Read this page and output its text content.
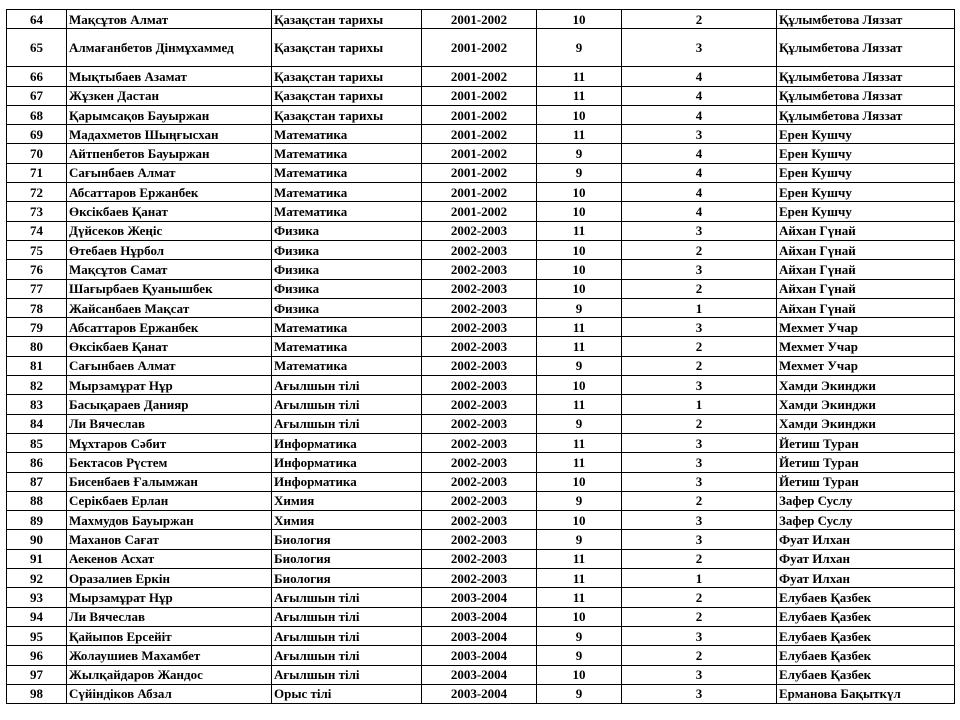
64	Мақсұтов Алмат	Қазақстан тарихы	2001-2002	10	2	Құлымбетова Ляззат
65	Алмағанбетов Дінмұхаммед	Қазақстан тарихы	2001-2002	9	3	Құлымбетова Ляззат
66	Мықтыбаев Азамат	Қазақстан тарихы	2001-2002	11	4	Құлымбетова Ляззат
67	Жұзкен Дастан	Қазақстан тарихы	2001-2002	11	4	Құлымбетова Ляззат
68	Қарымсақов Бауыржан	Қазақстан тарихы	2001-2002	10	4	Құлымбетова Ляззат
69	Мадахметов Шыңғысхан	Математика	2001-2002	11	3	Ерен Кушчу
70	Айтпенбетов Бауыржан	Математика	2001-2002	9	4	Ерен Кушчу
71	Сағынбаев Алмат	Математика	2001-2002	9	4	Ерен Кушчу
72	Абсаттаров Ержанбек	Математика	2001-2002	10	4	Ерен Кушчу
73	Өксікбаев Қанат	Математика	2001-2002	10	4	Ерен Кушчу
74	Дүйсеков Жеңіс	Физика	2002-2003	11	3	Айхан Гүнай
75	Өтебаев Нұрбол	Физика	2002-2003	10	2	Айхан Гүнай
76	Мақсұтов Самат	Физика	2002-2003	10	3	Айхан Гүнай
77	Шағырбаев Қуанышбек	Физика	2002-2003	10	2	Айхан Гүнай
78	Жайсанбаев Мақсат	Физика	2002-2003	9	1	Айхан Гүнай
79	Абсаттаров Ержанбек	Математика	2002-2003	11	3	Мехмет Учар
80	Өксікбаев Қанат	Математика	2002-2003	11	2	Мехмет Учар
81	Сағынбаев Алмат	Математика	2002-2003	9	2	Мехмет Учар
82	Мырзамұрат Нұр	Ағылшын тілі	2002-2003	10	3	Хамди Экинджи
83	Басықараев Данияр	Ағылшын тілі	2002-2003	11	1	Хамди Экинджи
84	Ли Вячеслав	Ағылшын тілі	2002-2003	9	2	Хамди Экинджи
85	Мұхтаров Сәбит	Информатика	2002-2003	11	3	Йетиш Туран
86	Бектасов Рүстем	Информатика	2002-2003	11	3	Йетиш Туран
87	Бисенбаев Ғалымжан	Информатика	2002-2003	10	3	Йетиш Туран
88	Серікбаев Ерлан	Химия	2002-2003	9	2	Зафер Суслу
89	Махмудов Бауыржан	Химия	2002-2003	10	3	Зафер Суслу
90	Маханов Сағат	Биология	2002-2003	9	3	Фуат Илхан
91	Аекенов Асхат	Биология	2002-2003	11	2	Фуат Илхан
92	Оразалиев Еркін	Биология	2002-2003	11	1	Фуат Илхан
93	Мырзамұрат Нұр	Ағылшын тілі	2003-2004	11	2	Елубаев Қазбек
94	Ли Вячеслав	Ағылшын тілі	2003-2004	10	2	Елубаев Қазбек
95	Қайыпов Ерсейіт	Ағылшын тілі	2003-2004	9	3	Елубаев Қазбек
96	Жолаушиев Махамбет	Ағылшын тілі	2003-2004	9	2	Елубаев Қазбек
97	Жылқайдаров Жандос	Ағылшын тілі	2003-2004	10	3	Елубаев Қазбек
98	Сүйіндіков Абзал	Орыс тілі	2003-2004	9	3	Ерманова Бақыткүл
